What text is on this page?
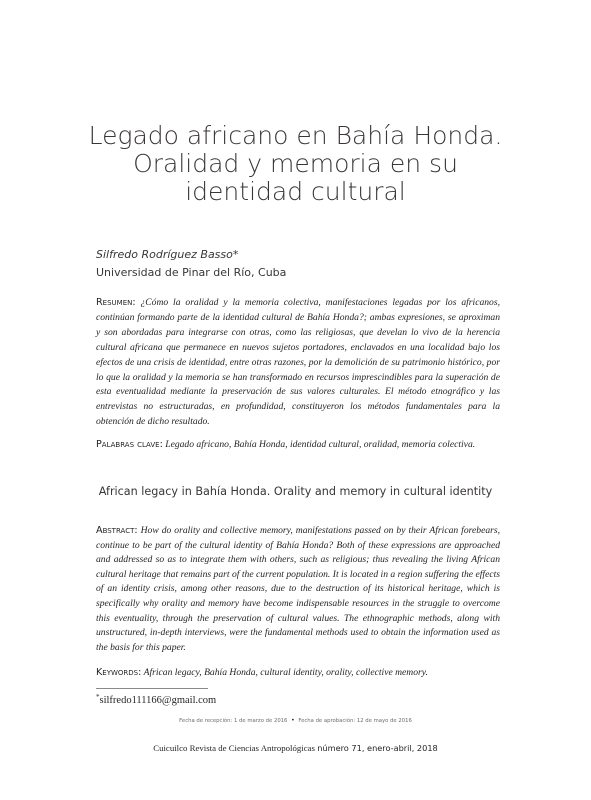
Legado africano en Bahía Honda.
Oralidad y memoria en su
identidad cultural
Silfredo Rodríguez Basso*
Universidad de Pinar del Río, Cuba

Resumen: ¿Cómo la oralidad y la memoria colectiva, manifestaciones legadas por los africanos, continúan formando parte de la identidad cultural de Bahía Honda?; ambas expresiones, se aproximan y son abordadas para integrarse con otras, como las religiosas, que develan lo vivo de la herencia cultural africana que permanece en nuevos sujetos portadores, enclavados en una localidad bajo los efectos de una crisis de identidad, entre otras razones, por la demolición de su patrimonio histórico, por lo que la oralidad y la memoria se han transformado en recursos imprescindibles para la superación de esta eventualidad mediante la preservación de sus valores culturales. El método etnográfico y las entrevistas no estructuradas, en profundidad, constituyeron los métodos fundamentales para la obtención de dicho resultado.

Palabras clave: Legado africano, Bahía Honda, identidad cultural, oralidad, memoria colectiva.

African legacy in Bahía Honda. Orality and memory in cultural identity

Abstract: How do orality and collective memory, manifestations passed on by their African forebears, continue to be part of the cultural identity of Bahía Honda? Both of these expressions are approached and addressed so as to integrate them with others, such as religious; thus revealing the living African cultural heritage that remains part of the current population. It is located in a region suffering the effects of an identity crisis, among other reasons, due to the destruction of its historical heritage, which is specifically why orality and memory have become indispensable resources in the struggle to overcome this eventuality, through the preservation of cultural values. The ethnographic methods, along with unstructured, in-depth interviews, were the fundamental methods used to obtain the information used as the basis for this paper.

Keywords: African legacy, Bahía Honda, cultural identity, orality, collective memory.

*silfredo111166@gmail.com
Fecha de recepción: 1 de marzo de 2016 • Fecha de aprobación: 12 de mayo de 2016
Cuicuilco Revista de Ciencias Antropológicas número 71, enero-abril, 2018
